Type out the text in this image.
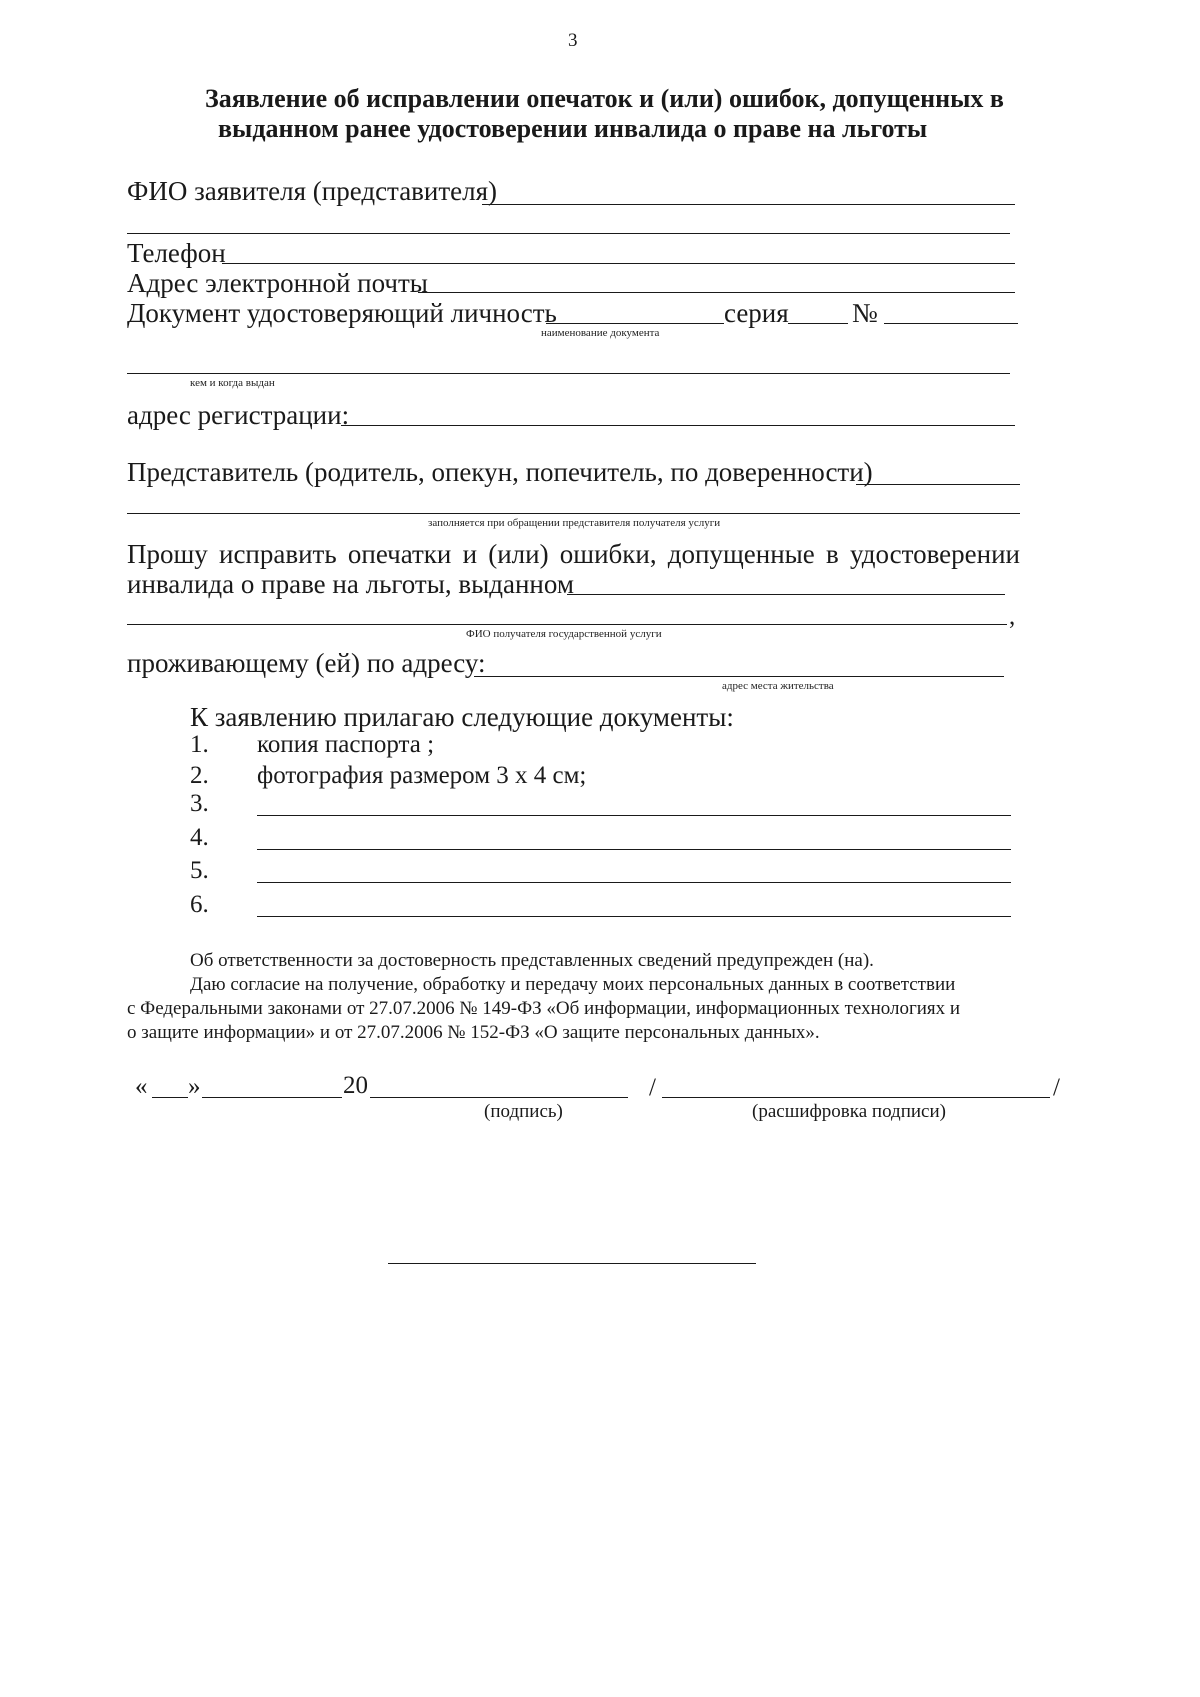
3
Заявление об исправлении опечаток и (или) ошибок, допущенных в
выданном ранее удостоверении инвалида о праве на льготы
ФИО заявителя (представителя)
Телефон
Адрес электронной почты
Документ удостоверяющий личность	серия №
наименование документа
кем и когда выдан
адрес регистрации:
Представитель (родитель, опекун, попечитель, по доверенности)
заполняется при обращении представителя получателя услуги
Прошу исправить опечатки и (или) ошибки, допущенные в удостоверении
инвалида о праве на льготы, выданном
,
ФИО получателя государственной услуги
проживающему (ей) по адресу:
адрес места жительства
К заявлению прилагаю следующие документы:
1. копия паспорта ;
2. фотография размером 3 х 4 см;
3.
4.
5.
6.
Об ответственности за достоверность представленных сведений предупрежден (на).
Даю согласие на получение, обработку и передачу моих персональных данных в соответствии
с Федеральными законами от 27.07.2006 № 149-ФЗ «Об информации, информационных технологиях и
о защите информации» и от 27.07.2006 № 152-ФЗ «О защите персональных данных».
« »	20	/	/
(подпись)	(расшифровка подписи)
